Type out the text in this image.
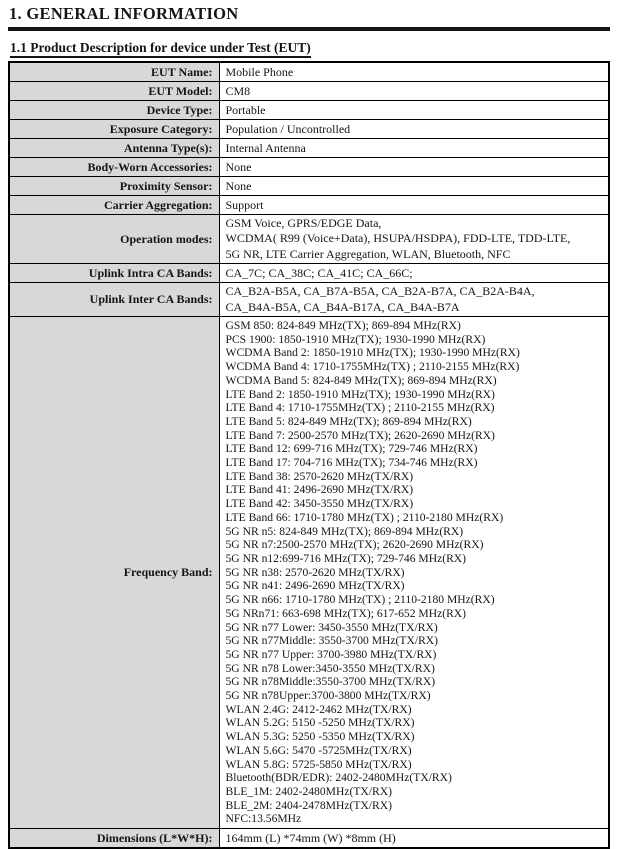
1. GENERAL INFORMATION
1.1 Product Description for device under Test (EUT)
EUT Name:	Mobile Phone

EUT Model:	CM8

Device Type:	Portable

Exposure Category:	Population / Uncontrolled

Antenna Type(s):	Internal Antenna

Body-Worn Accessories:	None

Proximity Sensor:	None

Carrier Aggregation:	Support

Operation modes:	GSM Voice, GPRS/EDGE Data,
WCDMA( R99 (Voice+Data), HSUPA/HSDPA), FDD-LTE, TDD-LTE,
5G NR, LTE Carrier Aggregation, WLAN, Bluetooth, NFC

Uplink Intra CA Bands:	CA_7C; CA_38C; CA_41C; CA_66C;

Uplink Inter CA Bands:	CA_B2A-B5A, CA_B7A-B5A, CA_B2A-B7A, CA_B2A-B4A,
CA_B4A-B5A, CA_B4A-B17A, CA_B4A-B7A

Frequency Band:	
GSM 850: 824-849 MHz(TX); 869-894 MHz(RX)
PCS 1900: 1850-1910 MHz(TX); 1930-1990 MHz(RX)
WCDMA Band 2: 1850-1910 MHz(TX); 1930-1990 MHz(RX)
WCDMA Band 4: 1710-1755MHz(TX) ; 2110-2155 MHz(RX)
WCDMA Band 5: 824-849 MHz(TX); 869-894 MHz(RX)
LTE Band 2: 1850-1910 MHz(TX); 1930-1990 MHz(RX)
LTE Band 4: 1710-1755MHz(TX) ; 2110-2155 MHz(RX)
LTE Band 5: 824-849 MHz(TX); 869-894 MHz(RX)
LTE Band 7: 2500-2570 MHz(TX); 2620-2690 MHz(RX)
LTE Band 12: 699-716 MHz(TX); 729-746 MHz(RX)
LTE Band 17: 704-716 MHz(TX); 734-746 MHz(RX)
LTE Band 38: 2570-2620 MHz(TX/RX)
LTE Band 41: 2496-2690 MHz(TX/RX)
LTE Band 42: 3450-3550 MHz(TX/RX)
LTE Band 66: 1710-1780 MHz(TX) ; 2110-2180 MHz(RX)
5G NR n5: 824-849 MHz(TX); 869-894 MHz(RX)
5G NR n7:2500-2570 MHz(TX); 2620-2690 MHz(RX)
5G NR n12:699-716 MHz(TX); 729-746 MHz(RX)
5G NR n38: 2570-2620 MHz(TX/RX)
5G NR n41: 2496-2690 MHz(TX/RX)
5G NR n66: 1710-1780 MHz(TX) ; 2110-2180 MHz(RX)
5G NRn71: 663-698 MHz(TX); 617-652 MHz(RX)
5G NR n77 Lower: 3450-3550 MHz(TX/RX)
5G NR n77Middle: 3550-3700 MHz(TX/RX)
5G NR n77 Upper: 3700-3980 MHz(TX/RX)
5G NR n78 Lower:3450-3550 MHz(TX/RX)
5G NR n78Middle:3550-3700 MHz(TX/RX)
5G NR n78Upper:3700-3800 MHz(TX/RX)
WLAN 2.4G: 2412-2462 MHz(TX/RX)
WLAN 5.2G: 5150 -5250 MHz(TX/RX)
WLAN 5.3G: 5250 -5350 MHz(TX/RX)
WLAN 5.6G: 5470 -5725MHz(TX/RX)
WLAN 5.8G: 5725-5850 MHz(TX/RX)
Bluetooth(BDR/EDR): 2402-2480MHz(TX/RX)
BLE_1M: 2402-2480MHz(TX/RX)
BLE_2M: 2404-2478MHz(TX/RX)
NFC:13.56MHz

Dimensions (L*W*H):	164mm (L) *74mm (W) *8mm (H)
